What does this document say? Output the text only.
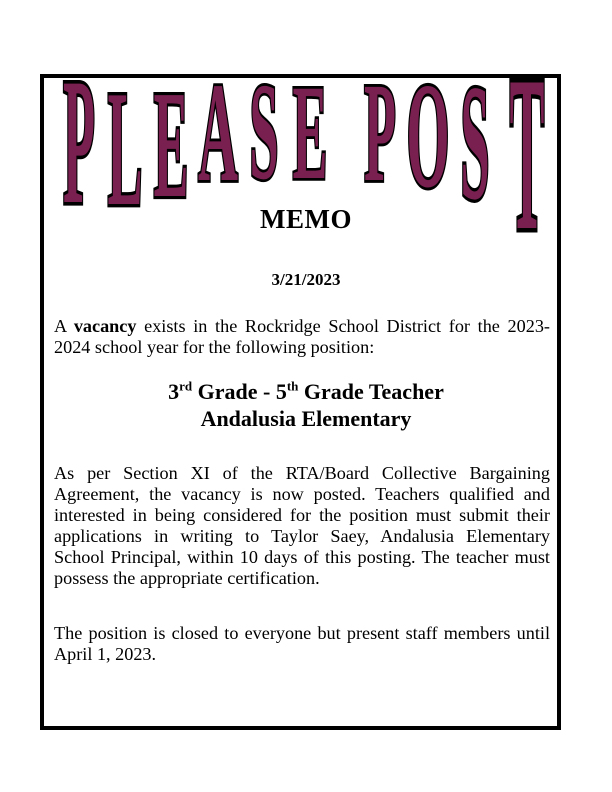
P L E A S E P O S T
MEMO
3/21/2023

A vacancy exists in the Rockridge School District for the 2023-2024 school year for the following position:

3rd Grade - 5th Grade Teacher
Andalusia Elementary

As per Section XI of the RTA/Board Collective Bargaining Agreement, the vacancy is now posted. Teachers qualified and interested in being considered for the position must submit their applications in writing to Taylor Saey, Andalusia Elementary School Principal, within 10 days of this posting. The teacher must possess the appropriate certification.

The position is closed to everyone but present staff members until April 1, 2023.
